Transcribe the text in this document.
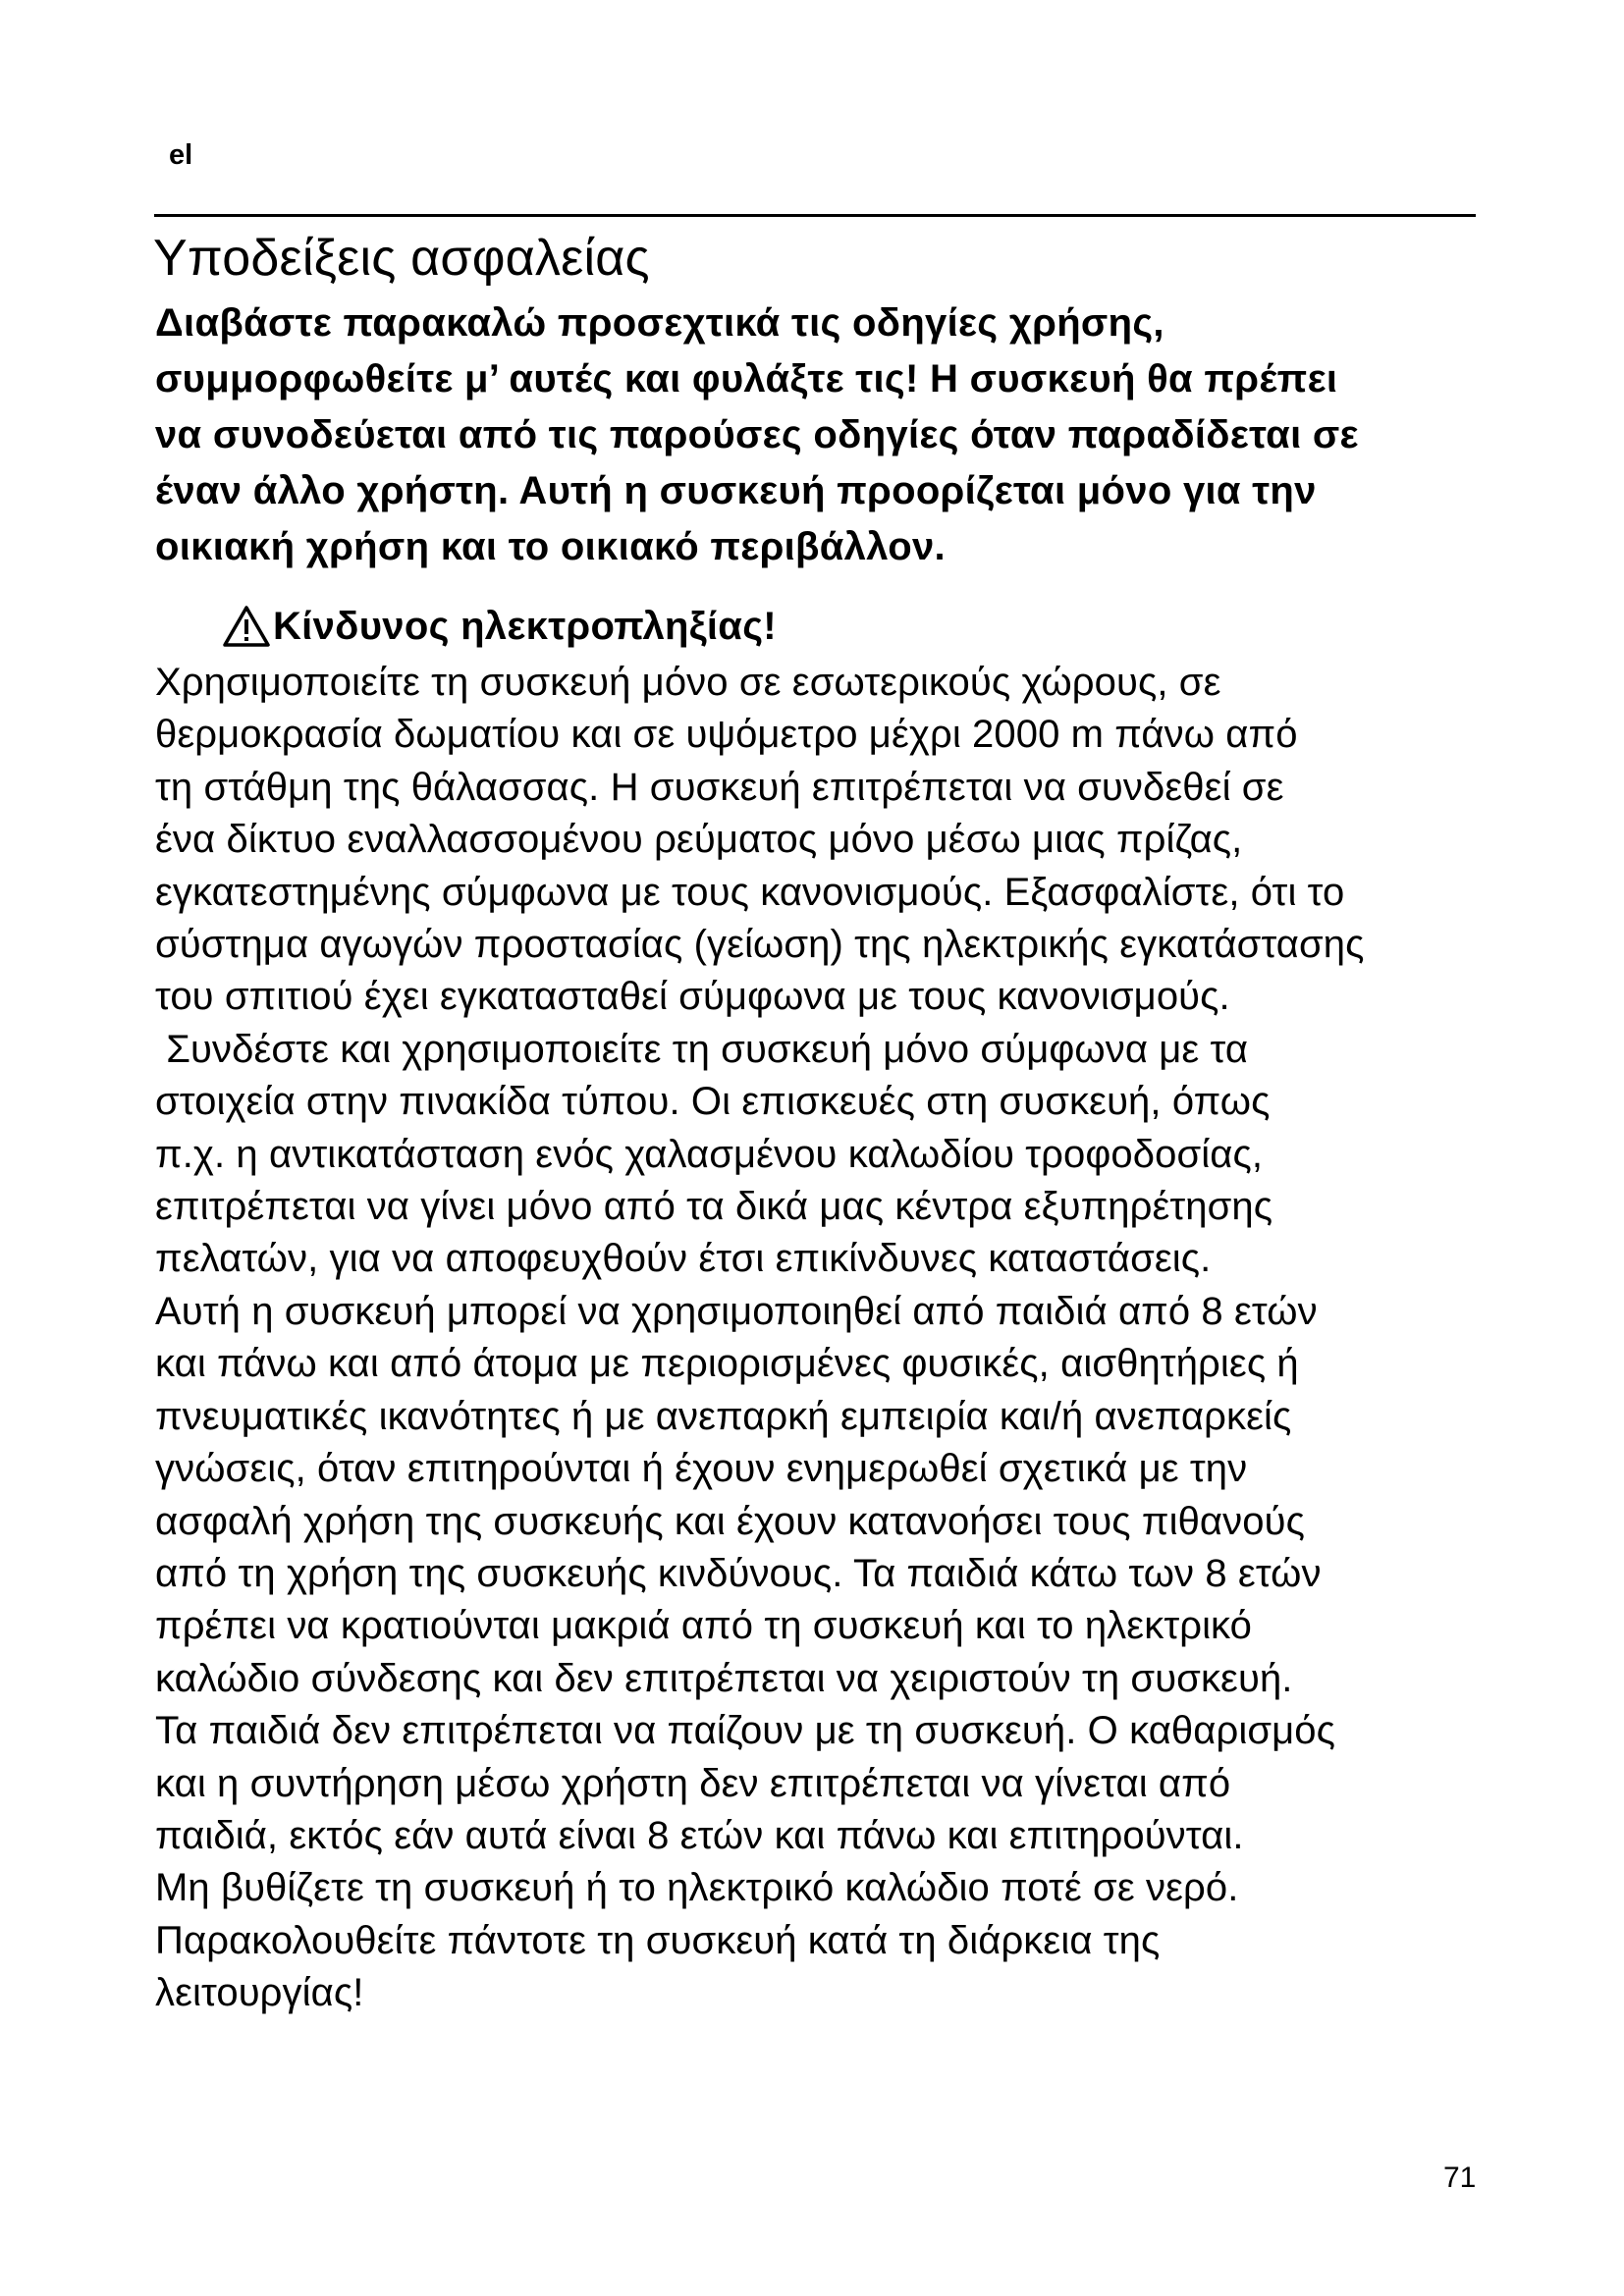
el
Υποδείξεις ασφαλείας

Διαβάστε παρακαλώ προσεχτικά τις οδηγίες χρήσης,

συμμορφωθείτε μ’ αυτές και φυλάξτε τις! Η συσκευή θα πρέπει

να συνοδεύεται από τις παρούσες οδηγίες όταν παραδίδεται σε

έναν άλλο χρήστη. Αυτή η συσκευή προορίζεται μόνο για την

οικιακή χρήση και το οικιακό περιβάλλον.

Κίνδυνος ηλεκτροπληξίας!

Χρησιμοποιείτε τη συσκευή μόνο σε εσωτερικούς χώρους, σε

θερμοκρασία δωματίου και σε υψόμετρο μέχρι 2000 m πάνω από

τη στάθμη της θάλασσας. Η συσκευή επιτρέπεται να συνδεθεί σε

ένα δίκτυο εναλλασσομένου ρεύματος μόνο μέσω μιας πρίζας,

εγκατεστημένης σύμφωνα με τους κανονισμούς. Εξασφαλίστε, ότι το

σύστημα αγωγών προστασίας (γείωση) της ηλεκτρικής εγκατάστασης

του σπιτιού έχει εγκατασταθεί σύμφωνα με τους κανονισμούς.

Συνδέστε και χρησιμοποιείτε τη συσκευή μόνο σύμφωνα με τα

στοιχεία στην πινακίδα τύπου. Οι επισκευές στη συσκευή, όπως

π.χ. η αντικατάσταση ενός χαλασμένου καλωδίου τροφοδοσίας,

επιτρέπεται να γίνει μόνο από τα δικά μας κέντρα εξυπηρέτησης

πελατών, για να αποφευχθούν έτσι επικίνδυνες καταστάσεις.

Αυτή η συσκευή μπορεί να χρησιμοποιηθεί από παιδιά από 8 ετών

και πάνω και από άτομα με περιορισμένες φυσικές, αισθητήριες ή

πνευματικές ικανότητες ή με ανεπαρκή εμπειρία και/ή ανεπαρκείς

γνώσεις, όταν επιτηρούνται ή έχουν ενημερωθεί σχετικά με την

ασφαλή χρήση της συσκευής και έχουν κατανοήσει τους πιθανούς

από τη χρήση της συσκευής κινδύνους. Τα παιδιά κάτω των 8 ετών

πρέπει να κρατιούνται μακριά από τη συσκευή και το ηλεκτρικό

καλώδιο σύνδεσης και δεν επιτρέπεται να χειριστούν τη συσκευή.

Τα παιδιά δεν επιτρέπεται να παίζουν με τη συσκευή. Ο καθαρισμός

και η συντήρηση μέσω χρήστη δεν επιτρέπεται να γίνεται από

παιδιά, εκτός εάν αυτά είναι 8 ετών και πάνω και επιτηρούνται.

Μη βυθίζετε τη συσκευή ή το ηλεκτρικό καλώδιο ποτέ σε νερό.

Παρακολουθείτε πάντοτε τη συσκευή κατά τη διάρκεια της

λειτουργίας!

71
